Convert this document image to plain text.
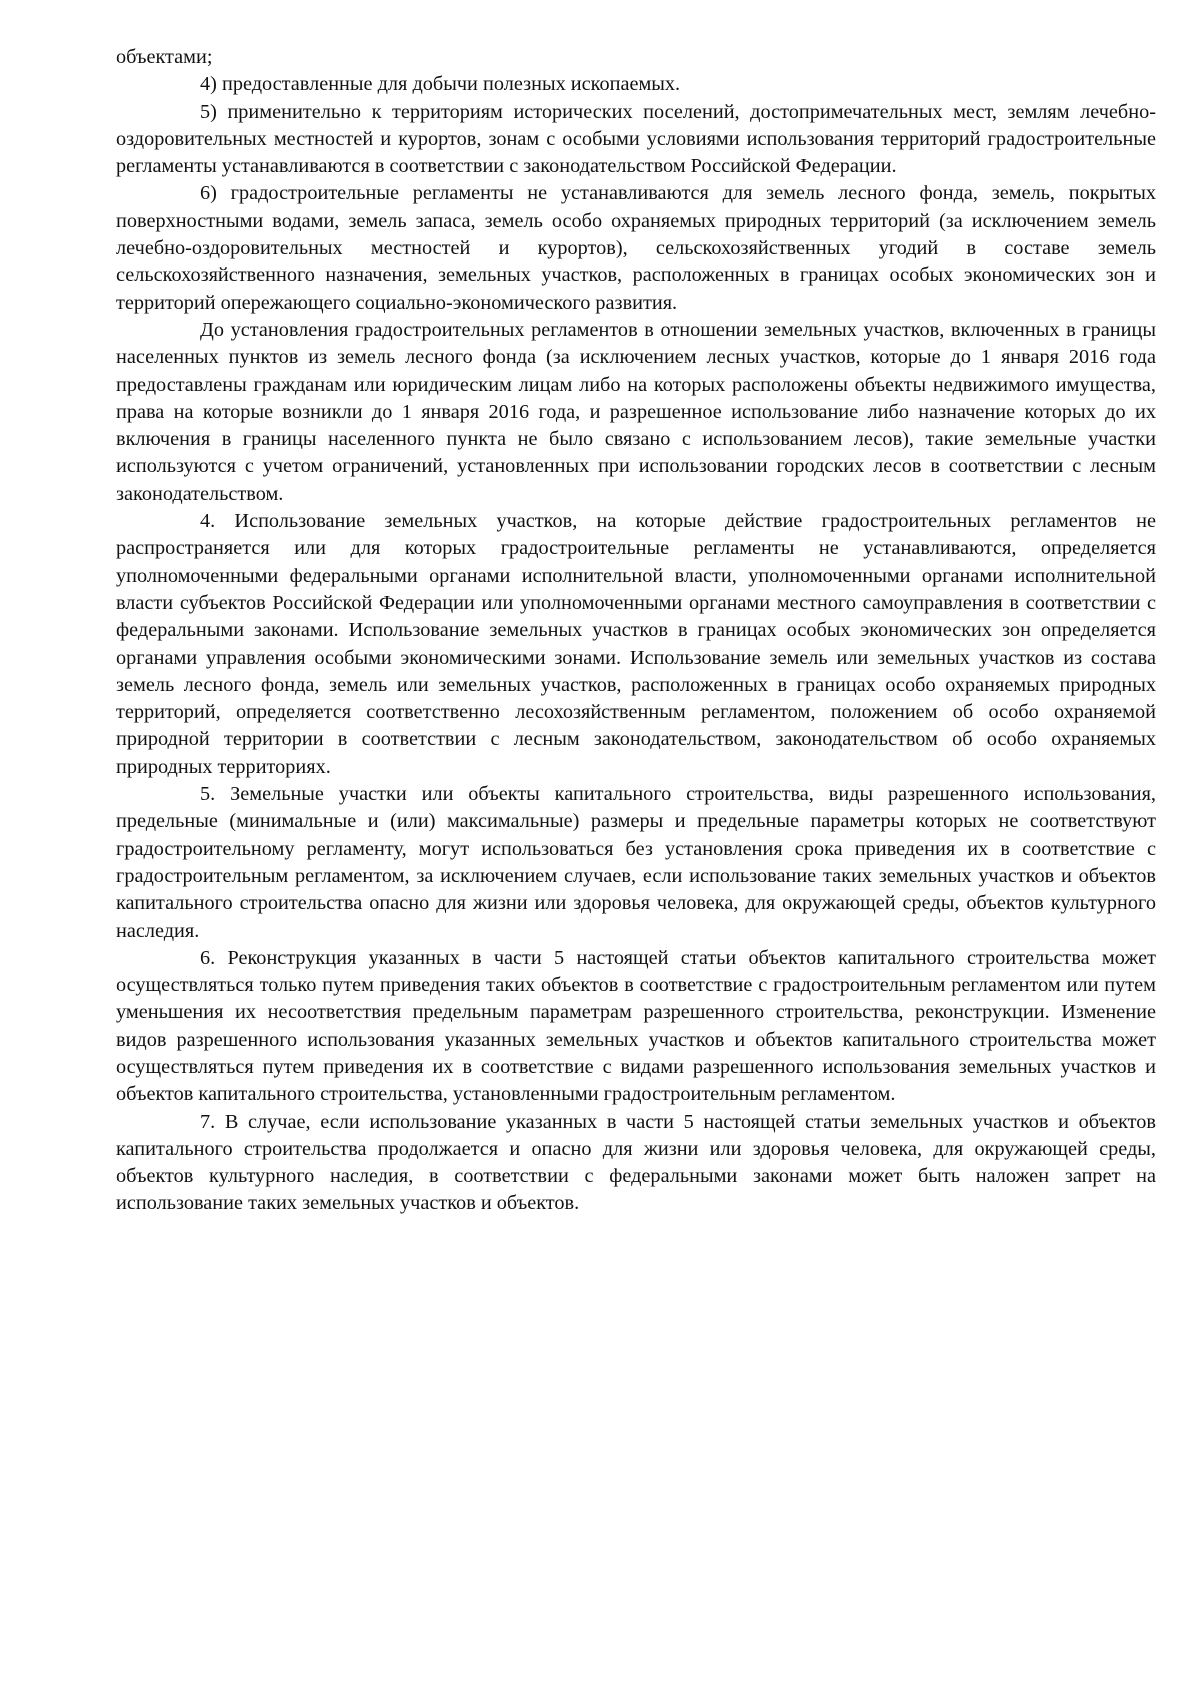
объектами;

4) предоставленные для добычи полезных ископаемых.

5) применительно к территориям исторических поселений, достопримечательных мест, землям лечебно-оздоровительных местностей и курортов, зонам с особыми условиями использования территорий градостроительные регламенты устанавливаются в соответствии с законодательством Российской Федерации.

6) градостроительные регламенты не устанавливаются для земель лесного фонда, земель, покрытых поверхностными водами, земель запаса, земель особо охраняемых природных территорий (за исключением земель лечебно-оздоровительных местностей и курортов), сельскохозяйственных угодий в составе земель сельскохозяйственного назначения, земельных участков, расположенных в границах особых экономических зон и территорий опережающего социально-экономического развития.

До установления градостроительных регламентов в отношении земельных участков, включенных в границы населенных пунктов из земель лесного фонда (за исключением лесных участков, которые до 1 января 2016 года предоставлены гражданам или юридическим лицам либо на которых расположены объекты недвижимого имущества, права на которые возникли до 1 января 2016 года, и разрешенное использование либо назначение которых до их включения в границы населенного пункта не было связано с использованием лесов), такие земельные участки используются с учетом ограничений, установленных при использовании городских лесов в соответствии с лесным законодательством.

4. Использование земельных участков, на которые действие градостроительных регламентов не распространяется или для которых градостроительные регламенты не устанавливаются, определяется уполномоченными федеральными органами исполнительной власти, уполномоченными органами исполнительной власти субъектов Российской Федерации или уполномоченными органами местного самоуправления в соответствии с федеральными законами. Использование земельных участков в границах особых экономических зон определяется органами управления особыми экономическими зонами. Использование земель или земельных участков из состава земель лесного фонда, земель или земельных участков, расположенных в границах особо охраняемых природных территорий, определяется соответственно лесохозяйственным регламентом, положением об особо охраняемой природной территории в соответствии с лесным законодательством, законодательством об особо охраняемых природных территориях.

5. Земельные участки или объекты капитального строительства, виды разрешенного использования, предельные (минимальные и (или) максимальные) размеры и предельные параметры которых не соответствуют градостроительному регламенту, могут использоваться без установления срока приведения их в соответствие с градостроительным регламентом, за исключением случаев, если использование таких земельных участков и объектов капитального строительства опасно для жизни или здоровья человека, для окружающей среды, объектов культурного наследия.

6. Реконструкция указанных в части 5 настоящей статьи объектов капитального строительства может осуществляться только путем приведения таких объектов в соответствие с градостроительным регламентом или путем уменьшения их несоответствия предельным параметрам разрешенного строительства, реконструкции. Изменение видов разрешенного использования указанных земельных участков и объектов капитального строительства может осуществляться путем приведения их в соответствие с видами разрешенного использования земельных участков и объектов капитального строительства, установленными градостроительным регламентом.

7. В случае, если использование указанных в части 5 настоящей статьи земельных участков и объектов капитального строительства продолжается и опасно для жизни или здоровья человека, для окружающей среды, объектов культурного наследия, в соответствии с федеральными законами может быть наложен запрет на использование таких земельных участков и объектов.
